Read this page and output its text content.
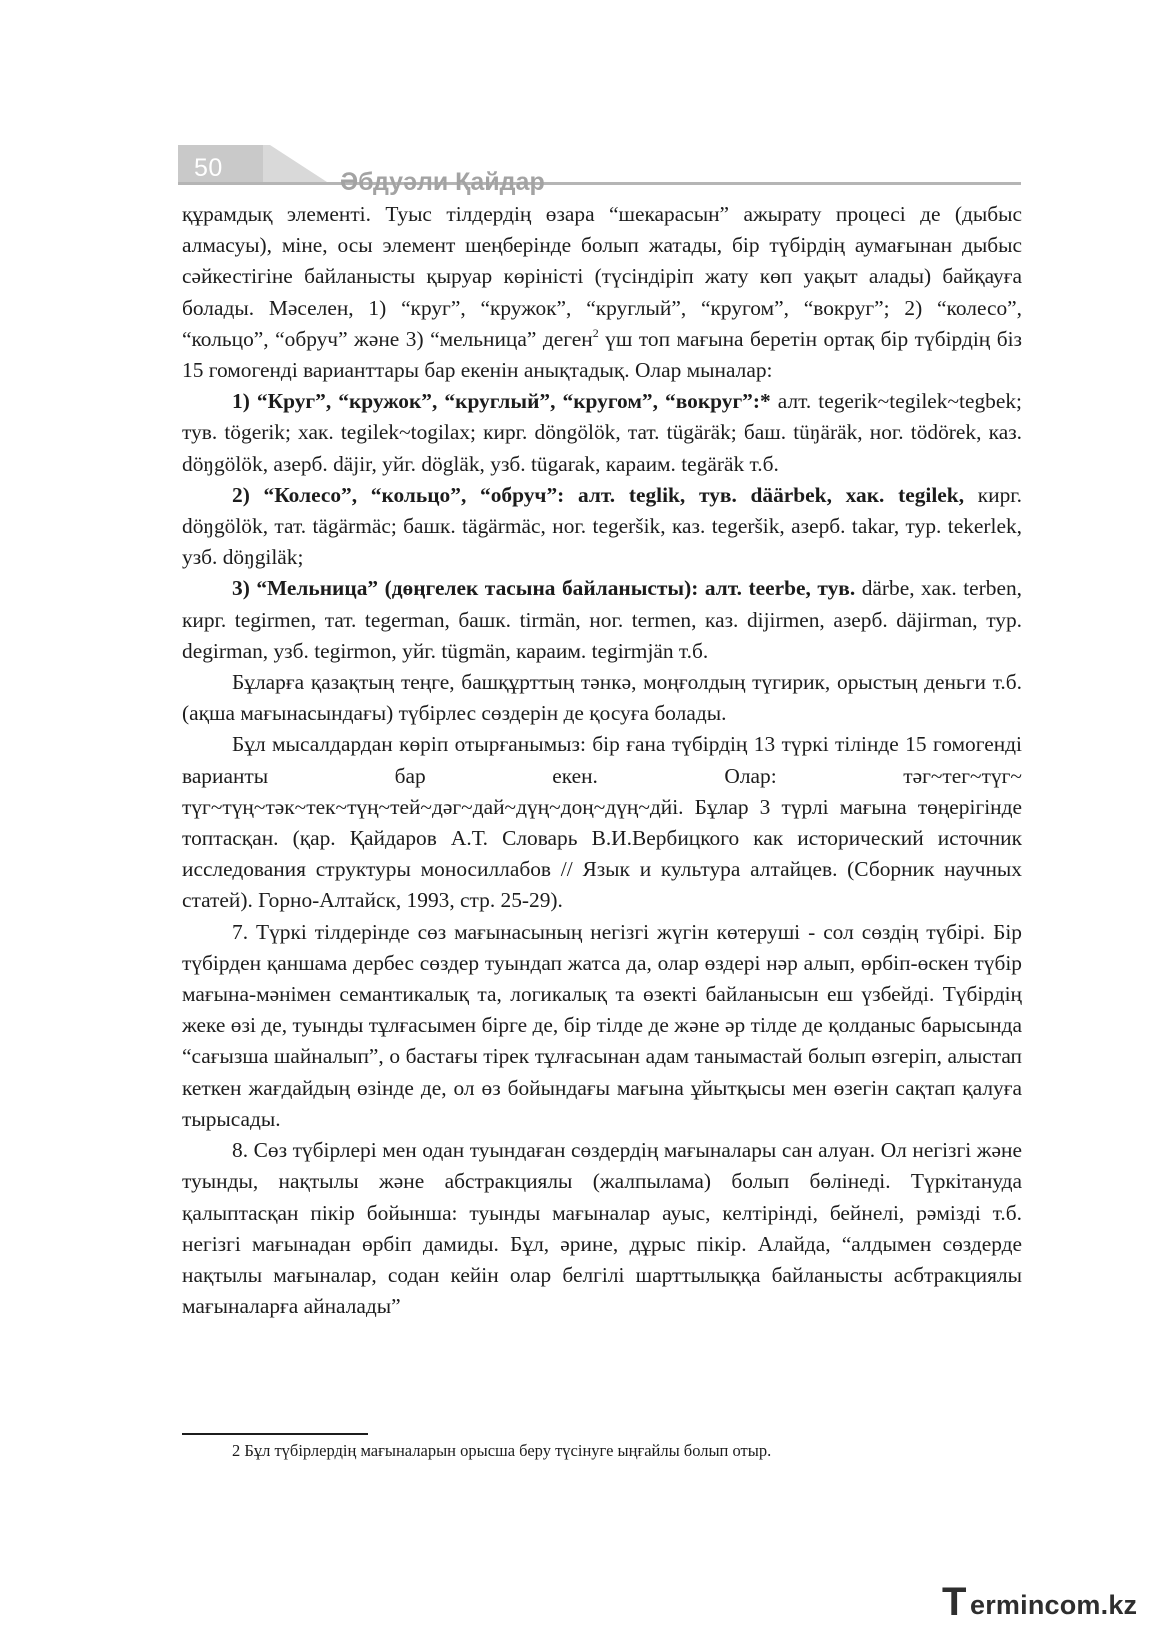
50	Әбдуәли Қайдар

құрамдық элементі. Туыс тілдердің өзара “шекарасын” ажырату процесі де (дыбыс алмасуы), міне, осы элемент шеңберінде болып жатады, бір түбірдің аумағынан дыбыс сәйкестігіне байланысты қыруар көріністі (түсіндіріп жату көп уақыт алады) байқауға болады. Мәселен, 1) “круг”, “кружок”, “круглый”, “кругом”, “вокруг”; 2) “колесо”, “кольцо”, “обруч” және 3) “мельница” деген$^2$ үш топ мағына беретін ортақ бір түбірдің біз 15 гомогенді варианттары бар екенін анықтадық. Олар мыналар:

1) “Круг”, “кружок”, “круглый”, “кругом”, “вокруг”:* алт. tegerik~tegilek~tegbek; тув. tögerik; хак. tegilek~togilax; кирг. döngölök, тат. tügäräk; баш. tüŋäräk, ног. tödörek, каз. döŋgölök, азерб. däjir, уйг. dögläk, узб. tügarak, караим. tegäräk т.б.

2) “Колесо”, “кольцо”, “обруч”: алт. teglik, тув. däärbek, хак. tegilek, кирг. döŋgölök, тат. tägärmäc; башк. tägärmäc, ног. tegeršik, каз. tegeršik, азерб. takar, тур. tekerlek, узб. döŋgiläk;

3) “Мельница” (дөңгелек тасына байланысты): алт. teerbe, тув. därbe, хак. terben, кирг. tegirmen, тат. tegerman, башк. tirmän, ног. termen, каз. dijirmen, азерб. däjirman, тур. degirman, узб. tegirmon, уйг. tügmän, караим. tegirmjän т.б.

Бұларға қазақтың теңге, башқұрттың тәнкә, моңғолдың түгирик, орыстың деньги т.б. (ақша мағынасындағы) түбірлес сөздерін де қосуға болады.

Бұл мысалдардан көріп отырғанымыз: бір ғана түбірдің 13 түркі тілінде 15 гомогенді варианты бар екен. Олар: тәг~тег~түг~ түг~түң~тәк~тек~түң~тей~дәг~дай~дүң~доң~дүң~дйі. Бұлар 3 түрлі мағына төңерігінде топтасқан. (қар. Қайдаров А.Т. Словарь В.И.Вербицкого как исторический источник исследования структуры моносиллабов // Язык и культура алтайцев. (Сборник научных статей). Горно-Алтайск, 1993, стр. 25-29).

7. Түркі тілдерінде сөз мағынасының негізгі жүгін көтеруші - сол сөздің түбірі. Бір түбірден қаншама дербес сөздер туындап жатса да, олар өздері нәр алып, өрбіп-өскен түбір мағына-мәнімен семантикалық та, логикалық та өзекті байланысын еш үзбейді. Түбірдің жеке өзі де, туынды тұлғасымен бірге де, бір тілде де және әр тілде де қолданыс барысында “сағызша шайналып”, о бастағы тірек тұлғасынан адам танымастай болып өзгеріп, алыстап кеткен жағдайдың өзінде де, ол өз бойындағы мағына ұйытқысы мен өзегін сақтап қалуға тырысады.

8. Сөз түбірлері мен одан туындаған сөздердің мағыналары сан алуан. Ол негізгі және туынды, нақтылы және абстракциялы (жалпылама) болып бөлінеді. Түркітануда қалыптасқан пікір бойынша: туынды мағыналар ауыс, келтірінді, бейнелі, рәмізді т.б. негізгі мағынадан өрбіп дамиды. Бұл, әрине, дұрыс пікір. Алайда, “алдымен сөздерде нақтылы мағыналар, содан кейін олар белгілі шарттылыққа байланысты асбтракциялы мағыналарға айналады”

2 Бұл түбірлердің мағыналарын орысша беру түсінуге ыңғайлы болып отыр.
T ermincom.kz
